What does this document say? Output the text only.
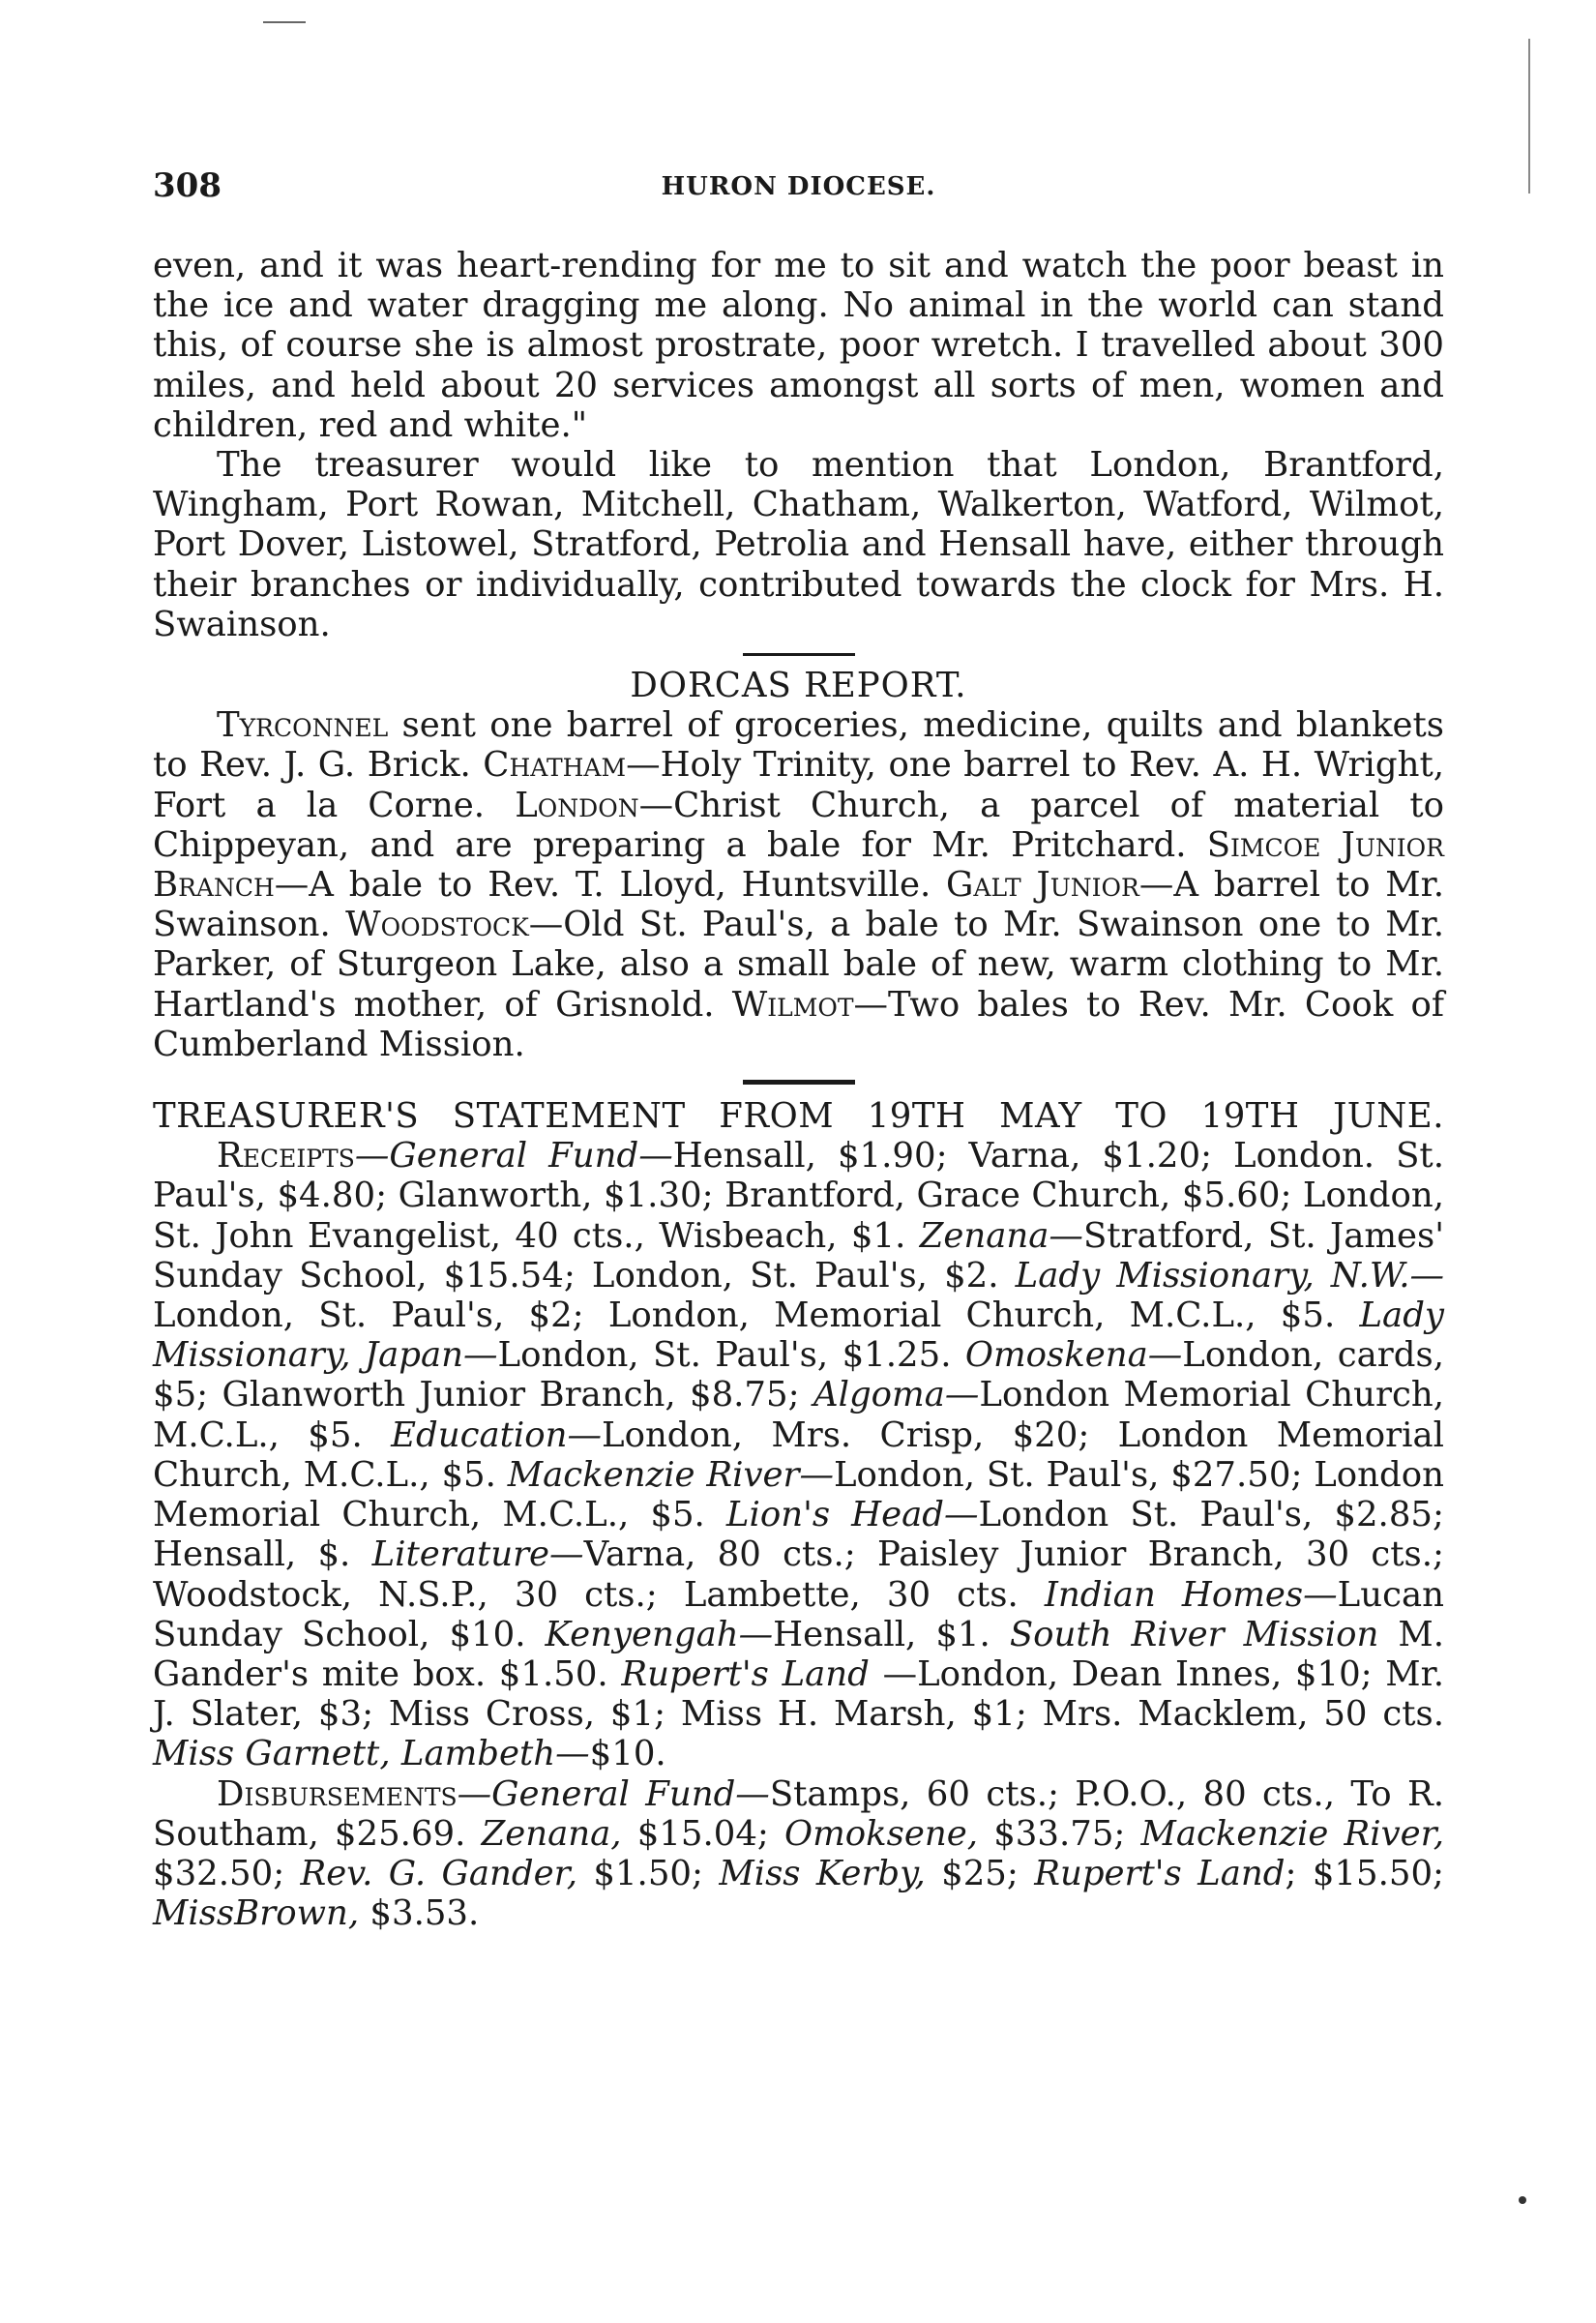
308	HURON DIOCESE.

even, and it was heart-rending for me to sit and watch the poor beast in the ice and water dragging me along. No animal in the world can stand this, of course she is almost prostrate, poor wretch. I travelled about 300 miles, and held about 20 services amongst all sorts of men, women and children, red and white."

The treasurer would like to mention that London, Brantford, Wingham, Port Rowan, Mitchell, Chatham, Walkerton, Watford, Wilmot, Port Dover, Listowel, Stratford, Petrolia and Hensall have, either through their branches or individually, contributed towards the clock for Mrs. H. Swainson.

DORCAS REPORT.

Tyrconnel sent one barrel of groceries, medicine, quilts and blankets to Rev. J. G. Brick. Chatham—Holy Trinity, one barrel to Rev. A. H. Wright, Fort a la Corne. London—Christ Church, a parcel of material to Chippeyan, and are preparing a bale for Mr. Pritchard. Simcoe Junior Branch—A bale to Rev. T. Lloyd, Huntsville. Galt Junior—A barrel to Mr. Swainson. Woodstock—Old St. Paul's, a bale to Mr. Swainson one to Mr. Parker, of Sturgeon Lake, also a small bale of new, warm clothing to Mr. Hartland's mother, of Grisnold. Wilmot—Two bales to Rev. Mr. Cook of Cumberland Mission.

TREASURER'S STATEMENT FROM 19TH MAY TO 19TH JUNE.

Receipts—General Fund—Hensall, $1.90; Varna, $1.20; London. St. Paul's, $4.80; Glanworth, $1.30; Brantford, Grace Church, $5.60; London, St. John Evangelist, 40 cts., Wisbeach, $1. Zenana—Stratford, St. James' Sunday School, $15.54; London, St. Paul's, $2. Lady Missionary, N.W.—London, St. Paul's, $2; London, Memorial Church, M.C.L., $5. Lady Missionary, Japan—London, St. Paul's, $1.25. Omoskena—London, cards, $5; Glanworth Junior Branch, $8.75; Algoma—London Memorial Church, M.C.L., $5. Education—London, Mrs. Crisp, $20; London Memorial Church, M.C.L., $5. Mackenzie River—London, St. Paul's, $27.50; London Memorial Church, M.C.L., $5. Lion's Head—London St. Paul's, $2.85; Hensall, $. Literature—Varna, 80 cts.; Paisley Junior Branch, 30 cts.; Woodstock, N.S.P., 30 cts.; Lambette, 30 cts. Indian Homes—Lucan Sunday School, $10. Kenyengah—Hensall, $1. South River Mission M. Gander's mite box. $1.50. Rupert's Land —London, Dean Innes, $10; Mr. J. Slater, $3; Miss Cross, $1; Miss H. Marsh, $1; Mrs. Macklem, 50 cts. Miss Garnett, Lambeth—$10.

Disbursements—General Fund—Stamps, 60 cts.; P.O.O., 80 cts., To R. Southam, $25.69. Zenana, $15.04; Omoksene, $33.75; Mackenzie River, $32.50; Rev. G. Gander, $1.50; Miss Kerby, $25; Rupert's Land; $15.50; MissBrown, $3.53.
